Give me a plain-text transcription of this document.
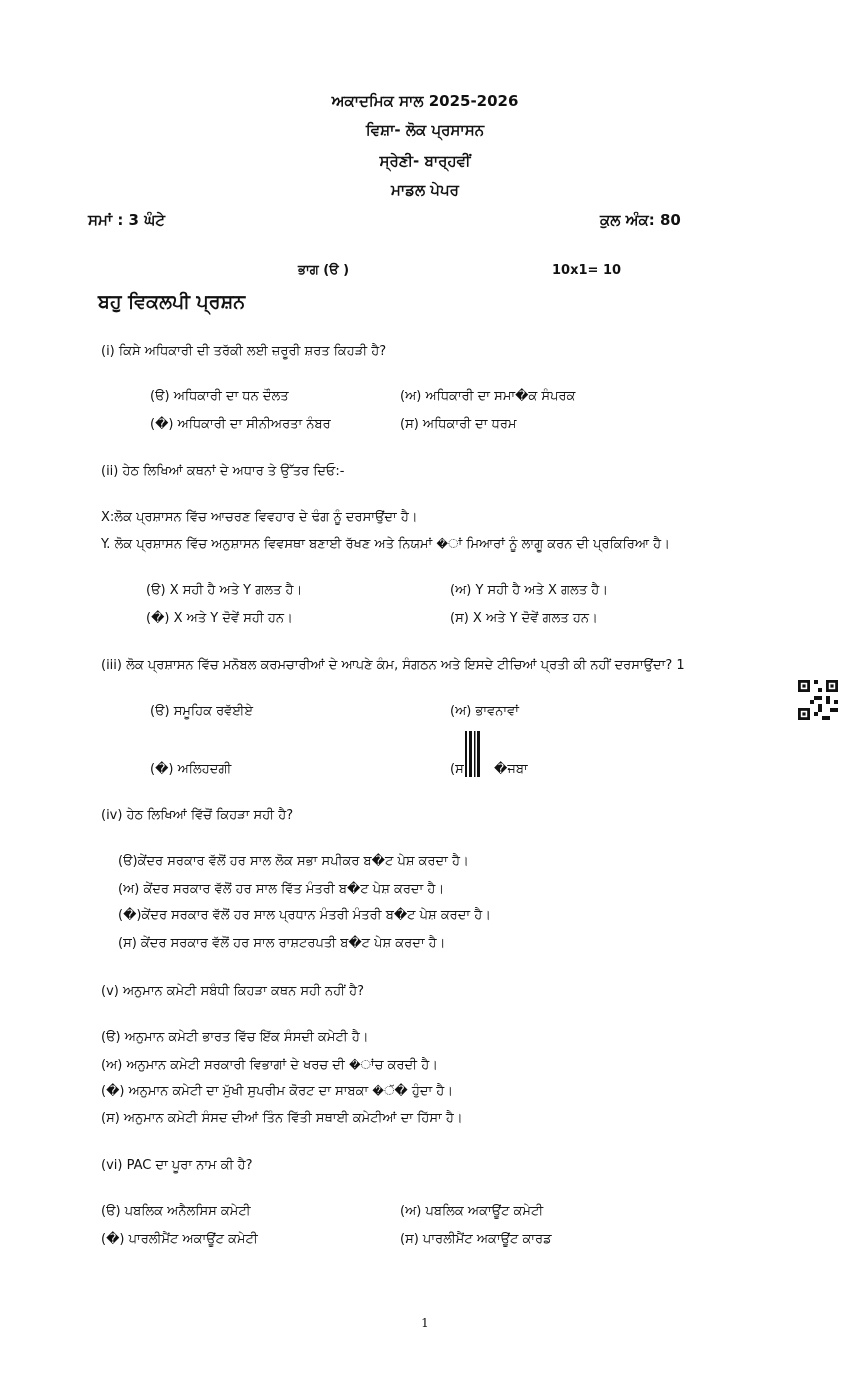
ਅਕਾਦਮਿਕ ਸਾਲ 2025-2026
ਵਿਸ਼ਾ- ਲੋਕ ਪ੍ਰਸਾਸਨ
ਸ੍ਰੇਣੀ- ਬਾਰ੍ਹਵੀਂ
ਮਾਡਲ ਪੇਪਰ
ਸਮਾਂ : 3 ਘੰਟੇ	ਕੁਲ ਅੰਕ: 80
ਭਾਗ (ੳ )	10x1= 10
ਬਹੁ ਵਿਕਲਪੀ ਪ੍ਰਸ਼ਨ
(i) ਕਿਸੇ ਅਧਿਕਾਰੀ ਦੀ ਤਰੱਕੀ ਲਈ ਜ਼ਰੂਰੀ ਸ਼ਰਤ ਕਿਹੜੀ ਹੈ?
(ੳ) ਅਧਿਕਾਰੀ ਦਾ ਧਨ ਦੌਲਤ	(ਅ) ਅਧਿਕਾਰੀ ਦਾ ਸਮਾ�ਕ ਸੰਪਰਕ
(�) ਅਧਿਕਾਰੀ ਦਾ ਸੀਨੀਅਰਤਾ ਨੰਬਰ	(ਸ) ਅਧਿਕਾਰੀ ਦਾ ਧਰਮ
(ii) ਹੇਠ ਲਿਖਿਆਂ ਕਥਨਾਂ ਦੇ ਅਧਾਰ ਤੇ ਉੱਤਰ ਦਿਓ:-
X:ਲੋਕ ਪ੍ਰਸ਼ਾਸਨ ਵਿੱਚ ਆਚਰਣ ਵਿਵਹਾਰ ਦੇ ਢੰਗ ਨੂੰ ਦਰਸਾਉਂਦਾ ਹੈ।
Y. ਲੋਕ ਪ੍ਰਸ਼ਾਸਨ ਵਿੱਚ ਅਨੁਸ਼ਾਸਨ ਵਿਵਸਥਾ ਬਣਾਈ ਰੱਖਣ ਅਤੇ ਨਿਯਮਾਂ �ਾਂ ਮਿਆਰਾਂ ਨੂੰ ਲਾਗੂ ਕਰਨ ਦੀ ਪ੍ਰਕਿਰਿਆ ਹੈ।
(ੳ) X ਸਹੀ ਹੈ ਅਤੇ Y ਗਲਤ ਹੈ।	(ਅ) Y ਸਹੀ ਹੈ ਅਤੇ X ਗਲਤ ਹੈ।
(�) X ਅਤੇ Y ਦੋਵੇਂ ਸਹੀ ਹਨ।	(ਸ) X ਅਤੇ Y ਦੋਵੇਂ ਗਲਤ ਹਨ।
(iii) ਲੋਕ ਪ੍ਰਸ਼ਾਸਨ ਵਿੱਚ ਮਨੋਬਲ ਕਰਮਚਾਰੀਆਂ ਦੇ ਆਪਣੇ ਕੰਮ, ਸੰਗਠਨ ਅਤੇ ਇਸਦੇ ਟੀਚਿਆਂ ਪ੍ਰਤੀ ਕੀ ਨਹੀਂ ਦਰਸਾਉਂਦਾ? 1
(ੳ) ਸਮੂਹਿਕ ਰਵੱਈਏ	(ਅ) ਭਾਵਨਾਵਾਂ
(�) ਅਲਿਹਦਗੀ	(ਸ �ਜਬਾ
(iv) ਹੇਠ ਲਿਖਿਆਂ ਵਿੱਚੋਂ ਕਿਹੜਾ ਸਹੀ ਹੈ?
(ੳ)ਕੇਂਦਰ ਸਰਕਾਰ ਵੱਲੋਂ ਹਰ ਸਾਲ ਲੋਕ ਸਭਾ ਸਪੀਕਰ ਬ�ਟ ਪੇਸ਼ ਕਰਦਾ ਹੈ।
(ਅ) ਕੇਂਦਰ ਸਰਕਾਰ ਵੱਲੋਂ ਹਰ ਸਾਲ ਵਿੱਤ ਮੰਤਰੀ ਬ�ਟ ਪੇਸ਼ ਕਰਦਾ ਹੈ।
(�)ਕੇਂਦਰ ਸਰਕਾਰ ਵੱਲੋਂ ਹਰ ਸਾਲ ਪ੍ਰਧਾਨ ਮੰਤਰੀ ਮੰਤਰੀ ਬ�ਟ ਪੇਸ਼ ਕਰਦਾ ਹੈ।
(ਸ) ਕੇਂਦਰ ਸਰਕਾਰ ਵੱਲੋਂ ਹਰ ਸਾਲ ਰਾਸ਼ਟਰਪਤੀ ਬ�ਟ ਪੇਸ਼ ਕਰਦਾ ਹੈ।
(v) ਅਨੁਮਾਨ ਕਮੇਟੀ ਸਬੰਧੀ ਕਿਹੜਾ ਕਥਨ ਸਹੀ ਨਹੀਂ ਹੈ?
(ੳ) ਅਨੁਮਾਨ ਕਮੇਟੀ ਭਾਰਤ ਵਿੱਚ ਇੱਕ ਸੰਸਦੀ ਕਮੇਟੀ ਹੈ।
(ਅ) ਅਨੁਮਾਨ ਕਮੇਟੀ ਸਰਕਾਰੀ ਵਿਭਾਗਾਂ ਦੇ ਖਰਚ ਦੀ �ਾਂਚ ਕਰਦੀ ਹੈ।
(�) ਅਨੁਮਾਨ ਕਮੇਟੀ ਦਾ ਮੁੱਖੀ ਸੁਪਰੀਮ ਕੋਰਟ ਦਾ ਸਾਬਕਾ �ੱ� ਹੁੰਦਾ ਹੈ।
(ਸ) ਅਨੁਮਾਨ ਕਮੇਟੀ ਸੰਸਦ ਦੀਆਂ ਤਿੰਨ ਵਿੱਤੀ ਸਥਾਈ ਕਮੇਟੀਆਂ ਦਾ ਹਿੱਸਾ ਹੈ।
(vi) PAC ਦਾ ਪੂਰਾ ਨਾਮ ਕੀ ਹੈ?
(ੳ) ਪਬਲਿਕ ਅਨੈਲਸਿਸ ਕਮੇਟੀ	(ਅ) ਪਬਲਿਕ ਅਕਾਊਂਟ ਕਮੇਟੀ
(�) ਪਾਰਲੀਮੈਂਟ ਅਕਾਊਂਟ ਕਮੇਟੀ	(ਸ) ਪਾਰਲੀਮੈਂਟ ਅਕਾਊਂਟ ਕਾਰਡ
1
